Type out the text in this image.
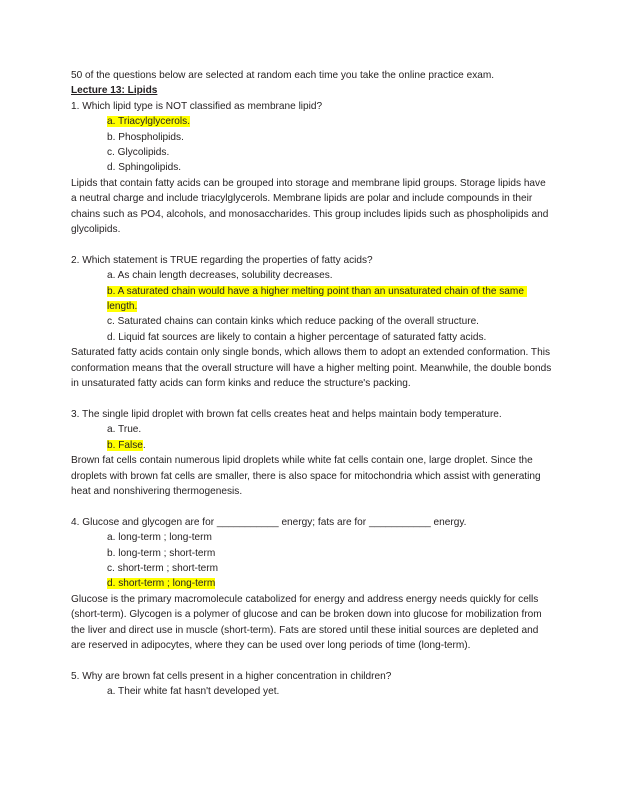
50 of the questions below are selected at random each time you take the online practice exam.
Lecture 13: Lipids
1. Which lipid type is NOT classified as membrane lipid?
a. Triacylglycerols.
b. Phospholipids.
c. Glycolipids.
d. Sphingolipids.
Lipids that contain fatty acids can be grouped into storage and membrane lipid groups. Storage lipids have a neutral charge and include triacylglycerols. Membrane lipids are polar and include compounds in their chains such as PO4, alcohols, and monosaccharides. This group includes lipids such as phospholipids and glycolipids.
2. Which statement is TRUE regarding the properties of fatty acids?
a. As chain length decreases, solubility decreases.
b. A saturated chain would have a higher melting point than an unsaturated chain of the same length.
c. Saturated chains can contain kinks which reduce packing of the overall structure.
d. Liquid fat sources are likely to contain a higher percentage of saturated fatty acids.
Saturated fatty acids contain only single bonds, which allows them to adopt an extended conformation. This conformation means that the overall structure will have a higher melting point. Meanwhile, the double bonds in unsaturated fatty acids can form kinks and reduce the structure's packing.
3. The single lipid droplet with brown fat cells creates heat and helps maintain body temperature.
a. True.
b. False.
Brown fat cells contain numerous lipid droplets while white fat cells contain one, large droplet. Since the droplets with brown fat cells are smaller, there is also space for mitochondria which assist with generating heat and nonshivering thermogenesis.
4. Glucose and glycogen are for ___________ energy; fats are for ___________ energy.
a. long-term ; long-term
b. long-term ; short-term
c. short-term ; short-term
d. short-term ; long-term
Glucose is the primary macromolecule catabolized for energy and address energy needs quickly for cells (short-term). Glycogen is a polymer of glucose and can be broken down into glucose for mobilization from the liver and direct use in muscle (short-term). Fats are stored until these initial sources are depleted and are reserved in adipocytes, where they can be used over long periods of time (long-term).
5. Why are brown fat cells present in a higher concentration in children?
a. Their white fat hasn't developed yet.
